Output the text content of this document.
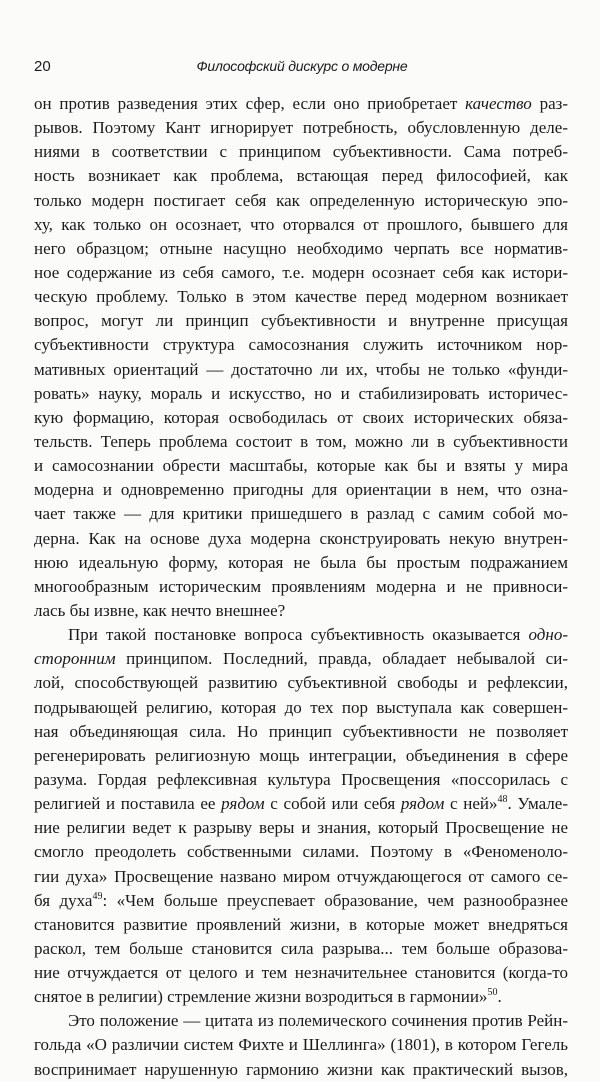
20	Философский дискурс о модерне
он против разведения этих сфер, если оно приобретает качество раз-
рывов. Поэтому Кант игнорирует потребность, обусловленную деле-
ниями в соответствии с принципом субъективности. Сама потреб-
ность возникает как проблема, встающая перед философией, как
только модерн постигает себя как определенную историческую эпо-
ху, как только он осознает, что оторвался от прошлого, бывшего для
него образцом; отныне насущно необходимо черпать все норматив-
ное содержание из себя самого, т.е. модерн осознает себя как истори-
ческую проблему. Только в этом качестве перед модерном возникает
вопрос, могут ли принцип субъективности и внутренне присущая
субъективности структура самосознания служить источником нор-
мативных ориентаций — достаточно ли их, чтобы не только «фунди-
ровать» науку, мораль и искусство, но и стабилизировать историчес-
кую формацию, которая освободилась от своих исторических обяза-
тельств. Теперь проблема состоит в том, можно ли в субъективности
и самосознании обрести масштабы, которые как бы и взяты у мира
модерна и одновременно пригодны для ориентации в нем, что озна-
чает также — для критики пришедшего в разлад с самим собой мо-
дерна. Как на основе духа модерна сконструировать некую внутрен-
нюю идеальную форму, которая не была бы простым подражанием
многообразным историческим проявлениям модерна и не привноси-
лась бы извне, как нечто внешнее?
При такой постановке вопроса субъективность оказывается одно-
сторонним принципом. Последний, правда, обладает небывалой си-
лой, способствующей развитию субъективной свободы и рефлексии,
подрывающей религию, которая до тех пор выступала как совершен-
ная объединяющая сила. Но принцип субъективности не позволяет
регенерировать религиозную мощь интеграции, объединения в сфере
разума. Гордая рефлексивная культура Просвещения «поссорилась с
религией и поставила ее рядом с собой или себя рядом с ней»$^{48}$. Умале-
ние религии ведет к разрыву веры и знания, который Просвещение не
смогло преодолеть собственными силами. Поэтому в «Феноменоло-
гии духа» Просвещение названо миром отчуждающегося от самого се-
бя духа$^{49}$: «Чем больше преуспевает образование, чем разнообразнее
становится развитие проявлений жизни, в которые может внедряться
раскол, тем больше становится сила разрыва... тем больше образова-
ние отчуждается от целого и тем незначительнее становится (когда-то
снятое в религии) стремление жизни возродиться в гармонии»$^{50}$.
Это положение — цитата из полемического сочинения против Рейн-
гольда «О различии систем Фихте и Шеллинга» (1801), в котором Гегель
воспринимает нарушенную гармонию жизни как практический вызов,
